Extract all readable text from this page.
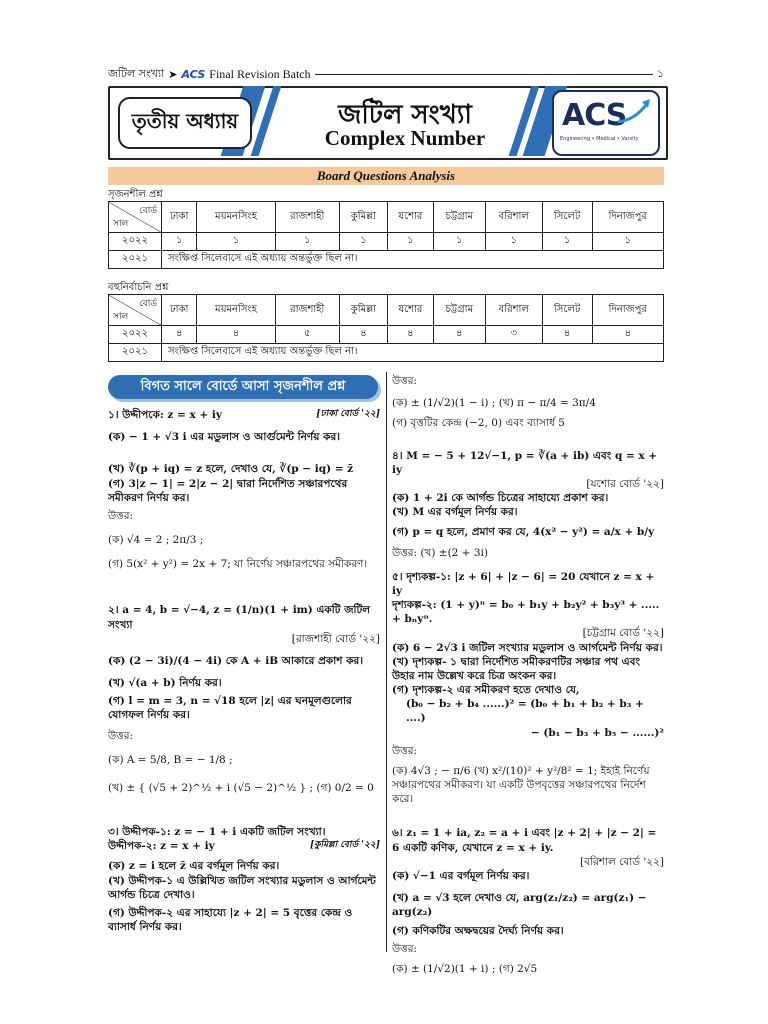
জটিল সংখ্যা ➤ ACS Final Revision Batch	১
তৃতীয় অধ্যায়	জটিল সংখ্যা
Complex Number
ACS
Engineering • Medical • Varsity
Board Questions Analysis
সৃজনশীল প্রশ্ন
বোর্ড
সাল	ঢাকা	ময়মনসিংহ	রাজশাহী	কুমিল্লা	যশোর	চট্টগ্রাম	বরিশাল	সিলেট	দিনাজপুর
২০২২	১	১	১	১	১	১	১	১	১
২০২১	সংক্ষিপ্ত সিলেবাসে এই অধ্যায় অন্তর্ভুক্ত ছিল না।								
বহুনির্বাচনি প্রশ্ন
বোর্ড
সাল	ঢাকা	ময়মনসিংহ	রাজশাহী	কুমিল্লা	যশোর	চট্টগ্রাম	বরিশাল	সিলেট	দিনাজপুর
২০২২	৪	৪	৫	৪	৪	৪	৩	৪	৪
২০২১	সংক্ষিপ্ত সিলেবাসে এই অধ্যায় অন্তর্ভুক্ত ছিল না।								
বিগত সালে বোর্ডে আসা সৃজনশীল প্রশ্ন

[ঢাকা বোর্ড '২২]
১। উদ্দীপকে: z = x + iy

(ক) − 1 + √3 i এর মডুলাস ও আর্গুমেন্ট নির্ণয় কর।

(খ) ∛(p + iq) = z হলে, দেখাও যে, ∛(p − iq) = z̄

(গ) 3|z − 1| = 2|z − 2| দ্বারা নির্দেশিত সঞ্চারপথের সমীকরণ নির্ণয় কর।

উত্তর:

(ক) √4 = 2 ; 2π/3 ;

(গ) 5(x² + y²) = 2x + 7; যা নির্ণেয় সঞ্চারপথের সমীকরণ।

২। a = 4, b = √−4, z = (1/n)(1 + im) একটি জটিল সংখ্যা

[রাজশাহী বোর্ড '২২]

(ক) (2 − 3i)/(4 − 4i) কে A + iB আকারে প্রকাশ কর।

(খ) √(a + b) নির্ণয় কর।

(গ) l = m = 3, n = √18 হলে |z| এর ঘনমূলগুলোর যোগফল নির্ণয় কর।

উত্তর:

(ক) A = 5/8, B = − 1/8 ;

(খ) ± { (√5 + 2)^½ + i (√5 − 2)^½ } ; (গ) 0/2 = 0

৩। উদ্দীপক-১: z = − 1 + i একটি জটিল সংখ্যা।

[কুমিল্লা বোর্ড '২২]
উদ্দীপক-২: z = x + iy

(ক) z = i হলে z̄ এর বর্গমূল নির্ণয় কর।

(খ) উদ্দীপক-১ এ উল্লিখিত জটিল সংখ্যার মডুলাস ও আর্গমেন্ট আর্গন্ড চিত্রে দেখাও।

(গ) উদ্দীপক-২ এর সাহায্যে |z + 2| = 5 বৃত্তের কেন্দ্র ও ব্যাসার্ধ নির্ণয় কর।

উত্তর:

(ক) ± (1/√2)(1 − i) ; (খ) π − π/4 = 3π/4

(গ) বৃত্তটির কেন্দ্র (−2, 0) এবং ব্যাসার্ধ 5

৪। M = − 5 + 12√−1, p = ∛(a + ib) এবং q = x + iy

[যশোর বোর্ড '২২]

(ক) 1 + 2i কে আর্গন্ড চিত্রের সাহায্যে প্রকাশ কর।

(খ) M এর বর্গমূল নির্ণয় কর।

(গ) p = q হলে, প্রমাণ কর যে, 4(x² − y²) = a/x + b/y

উত্তর: (খ) ±(2 + 3i)

৫। দৃশ্যকল্প-১: |z + 6| + |z − 6| = 20 যেখানে z = x + iy

দৃশ্যকল্প-২: (1 + y)ⁿ = b₀ + b₁y + b₂y² + b₃y³ + ..... + bₙyⁿ.

[চট্টগ্রাম বোর্ড '২২]

(ক) 6 − 2√3 i জটিল সংখ্যার মডুলাস ও আর্গমেন্ট নির্ণয় কর।

(খ) দৃশ্যকল্প- ১ দ্বারা নির্দেশিত সমীকরণটির সঞ্চার পথ এবং উহার নাম উল্লেখ করে চিত্র অংকন কর।

(গ) দৃশ্যকল্প-২ এর সমীকরণ হতে দেখাও যে,

(b₀ − b₂ + b₄ ......)² = (b₀ + b₁ + b₂ + b₃ + ....)

− (b₁ − b₃ + b₅ − ......)²

উত্তর:

(ক) 4√3 ; − π/6 (খ) x²/(10)² + y²/8² = 1; ইহাই নির্ণেয় সঞ্চারপথের সমীকরণ। যা একটি উপবৃত্তের সঞ্চারপথের নির্দেশ করে।

৬। z₁ = 1 + ia, z₂ = a + i এবং |z + 2| + |z − 2| = 6 একটি কণিক, যেখানে z = x + iy.

[বরিশাল বোর্ড '২২]

(ক) √−1 এর বর্গমূল নির্ণয় কর।

(খ) a = √3 হলে দেখাও যে, arg(z₁/z₂) = arg(z₁) − arg(z₂)

(গ) কণিকটির অক্ষদ্বয়ের দৈর্ঘ্য নির্ণয় কর।

উত্তর:

(ক) ± (1/√2)(1 + i) ; (গ) 2√5
